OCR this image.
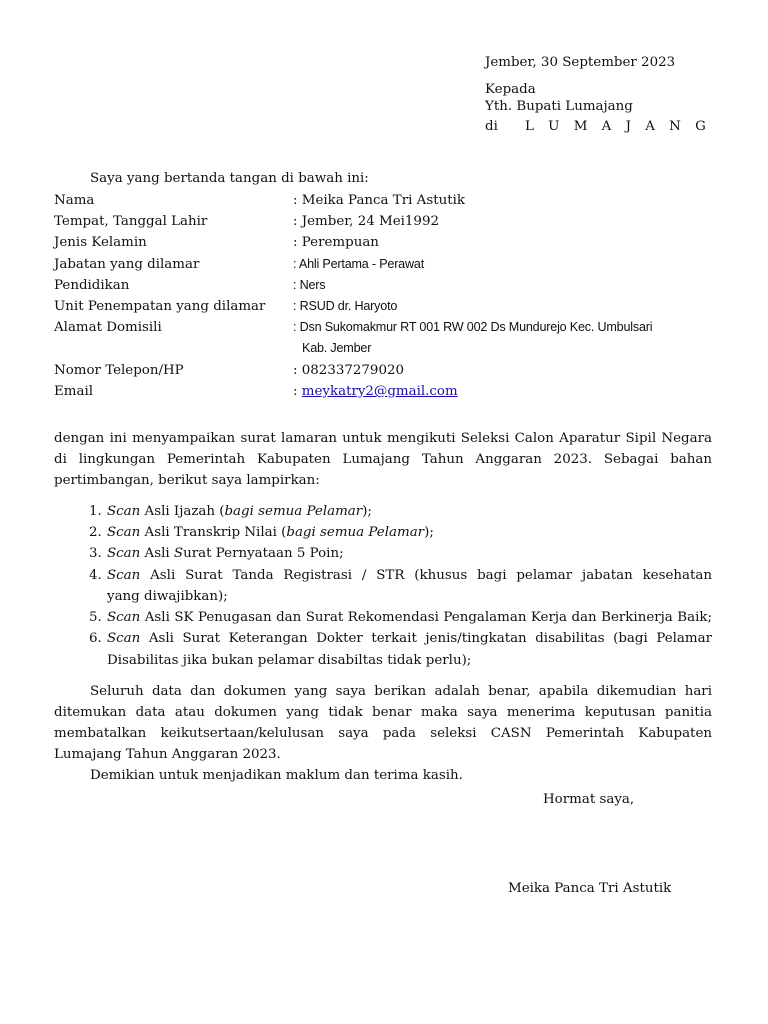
Jember, 30 September 2023
Kepada
Yth. Bupati Lumajang
di L U M A J A N G
Saya yang bertanda tangan di bawah ini:
Nama	: Meika Panca Tri Astutik
Tempat, Tanggal Lahir	: Jember, 24 Mei1992
Jenis Kelamin	: Perempuan
Jabatan yang dilamar	: Ahli Pertama - Perawat
Pendidikan	: Ners
Unit Penempatan yang dilamar : RSUD dr. Haryoto
Alamat Domisili	: Dsn Sukomakmur RT 001 RW 002 Ds Mundurejo Kec. Umbulsari
Kab. Jember
Nomor Telepon/HP	: 082337279020
Email	: meykatry2@gmail.com
dengan ini menyampaikan surat lamaran untuk mengikuti Seleksi Calon Aparatur Sipil Negara
di lingkungan Pemerintah Kabupaten Lumajang Tahun Anggaran 2023. Sebagai bahan
pertimbangan, berikut saya lampirkan:
1. Scan Asli Ijazah (bagi semua Pelamar);
2. Scan Asli Transkrip Nilai (bagi semua Pelamar);
3. Scan Asli Surat Pernyataan 5 Poin;
4. Scan Asli Surat Tanda Registrasi / STR (khusus bagi pelamar jabatan kesehatan
yang diwajibkan);
5. Scan Asli SK Penugasan dan Surat Rekomendasi Pengalaman Kerja dan Berkinerja Baik;
6. Scan Asli Surat Keterangan Dokter terkait jenis/tingkatan disabilitas (bagi Pelamar
Disabilitas jika bukan pelamar disabiltas tidak perlu);
Seluruh data dan dokumen yang saya berikan adalah benar, apabila dikemudian hari
ditemukan data atau dokumen yang tidak benar maka saya menerima keputusan panitia
membatalkan keikutsertaan/kelulusan saya pada seleksi CASN Pemerintah Kabupaten
Lumajang Tahun Anggaran 2023.
Demikian untuk menjadikan maklum dan terima kasih.
Hormat saya,
Meika Panca Tri Astutik
